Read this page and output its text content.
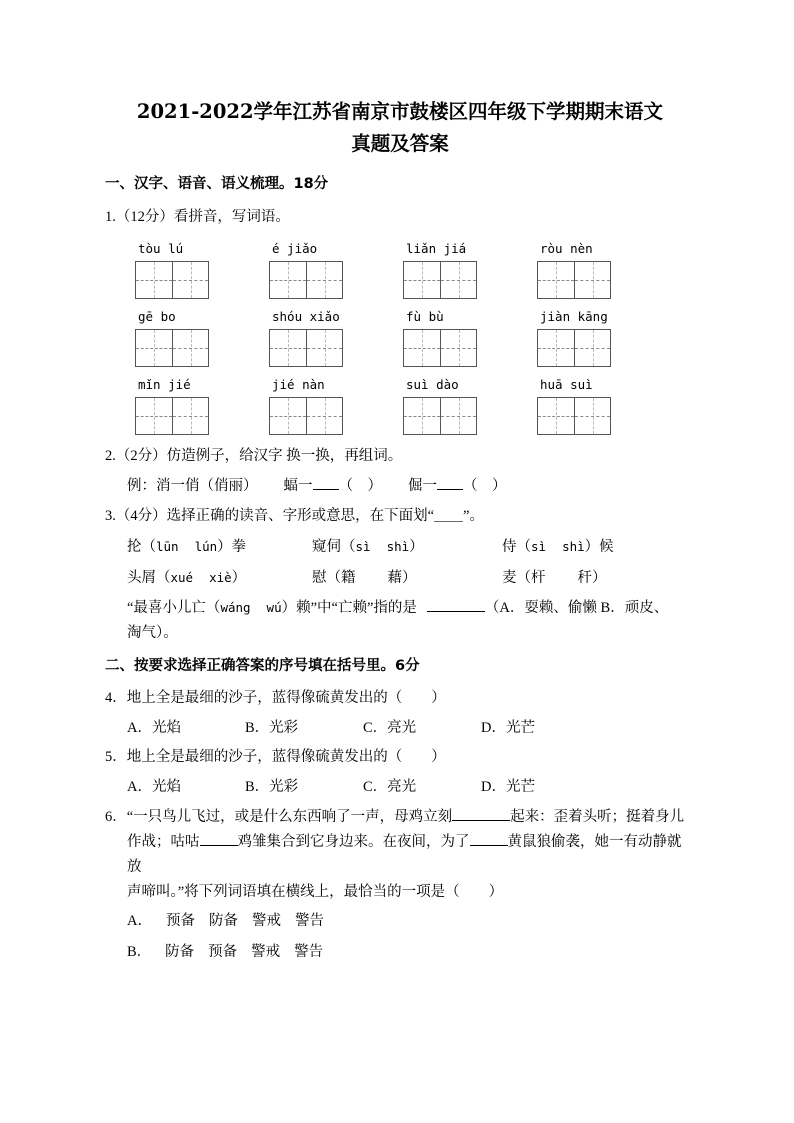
2021-2022学年江苏省南京市鼓楼区四年级下学期期末语文
真题及答案
一、汉字、语音、语义梳理。18分
1.（12分）看拼音，写词语。
tòu lú	é jiǎo	liǎn jiá	ròu nèn
gē bo	shóu xiǎo	fù bù	jiàn kāng
mǐn jié	jié nàn	suì dào	huā suì
2.（2分）仿造例子，给汉字 换一换，再组词。
例：消一俏（俏丽） 蝠一 （　） 倔一 （　）
3.（4分）选择正确的读音、字形或意思，在下面划“＿＿”。
抡（lūn lún）拳	窥伺（sì shì）	侍（sì shì）候
头屑（xué xiè）	慰（籍 藉）	麦（杆 秆）
“最喜小儿亡（wáng wú）赖”中“亡赖”指的是	（A．耍赖、偷懒 B．顽皮、
淘气）。
二、按要求选择正确答案的序号填在括号里。6分
4．地上全是最细的沙子，蓝得像硫黄发出的（　　）
A．光焰	B．光彩	C．亮光	D．光芒
5．地上全是最细的沙子，蓝得像硫黄发出的（　　）
A．光焰	B．光彩	C．亮光	D．光芒
6．“一只鸟儿飞过，或是什么东西响了一声，母鸡立刻	起来：歪着头听；挺着身儿
作战；咕咕	鸡雏集合到它身边来。在夜间，为了	黄鼠狼偷袭，她一有动静就放
声啼叫。”将下列词语填在横线上，最恰当的一项是（　　）
A． 预备 防备 警戒 警告
B． 防备 预备 警戒 警告
